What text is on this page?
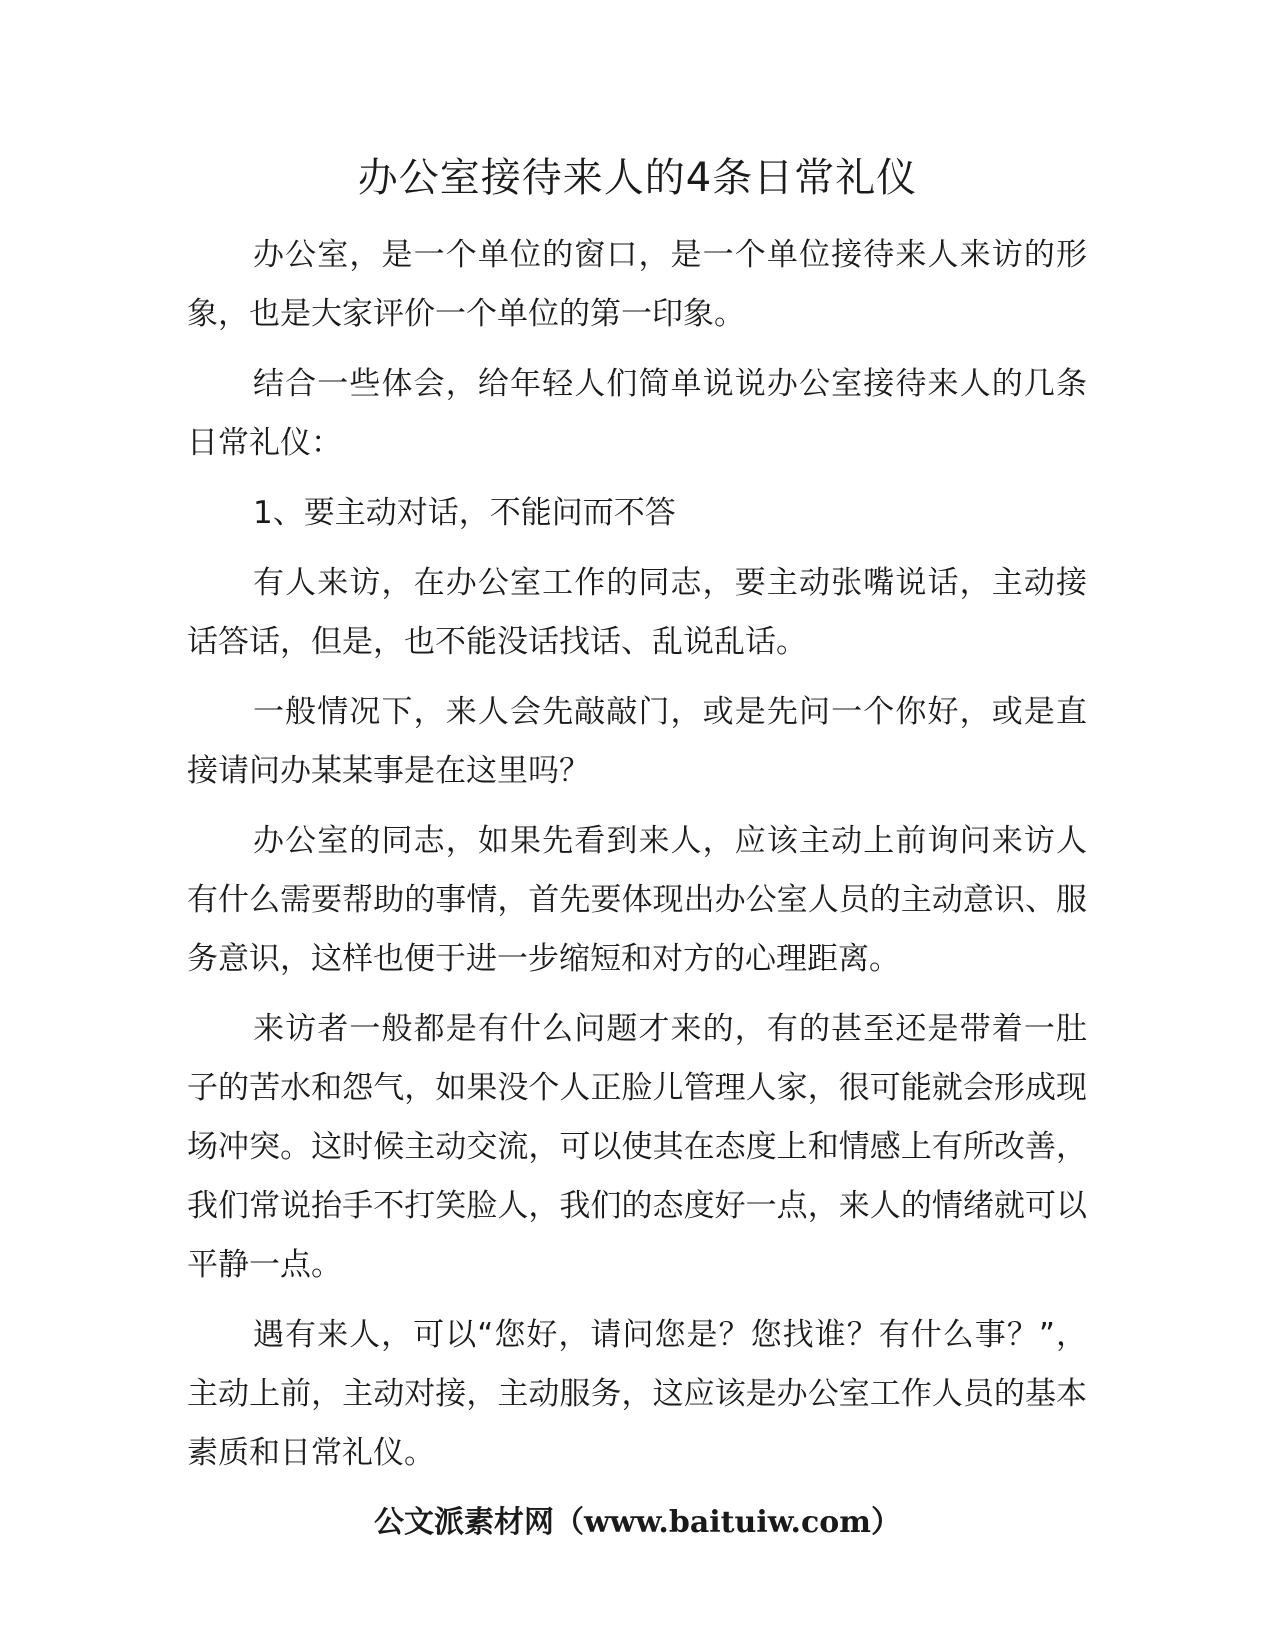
办公室接待来人的4条日常礼仪

办公室，是一个单位的窗口，是一个单位接待来人来访的形象，也是大家评价一个单位的第一印象。

结合一些体会，给年轻人们简单说说办公室接待来人的几条日常礼仪：

1、要主动对话，不能问而不答

有人来访，在办公室工作的同志，要主动张嘴说话，主动接话答话，但是，也不能没话找话、乱说乱话。

一般情况下，来人会先敲敲门，或是先问一个你好，或是直接请问办某某事是在这里吗？

办公室的同志，如果先看到来人，应该主动上前询问来访人有什么需要帮助的事情，首先要体现出办公室人员的主动意识、服务意识，这样也便于进一步缩短和对方的心理距离。

来访者一般都是有什么问题才来的，有的甚至还是带着一肚子的苦水和怨气，如果没个人正脸儿管理人家，很可能就会形成现场冲突。这时候主动交流，可以使其在态度上和情感上有所改善，我们常说抬手不打笑脸人，我们的态度好一点，来人的情绪就可以平静一点。

遇有来人，可以“您好，请问您是？您找谁？有什么事？”，主动上前，主动对接，主动服务，这应该是办公室工作人员的基本素质和日常礼仪。

公文派素材网（www.baituiw.com）
